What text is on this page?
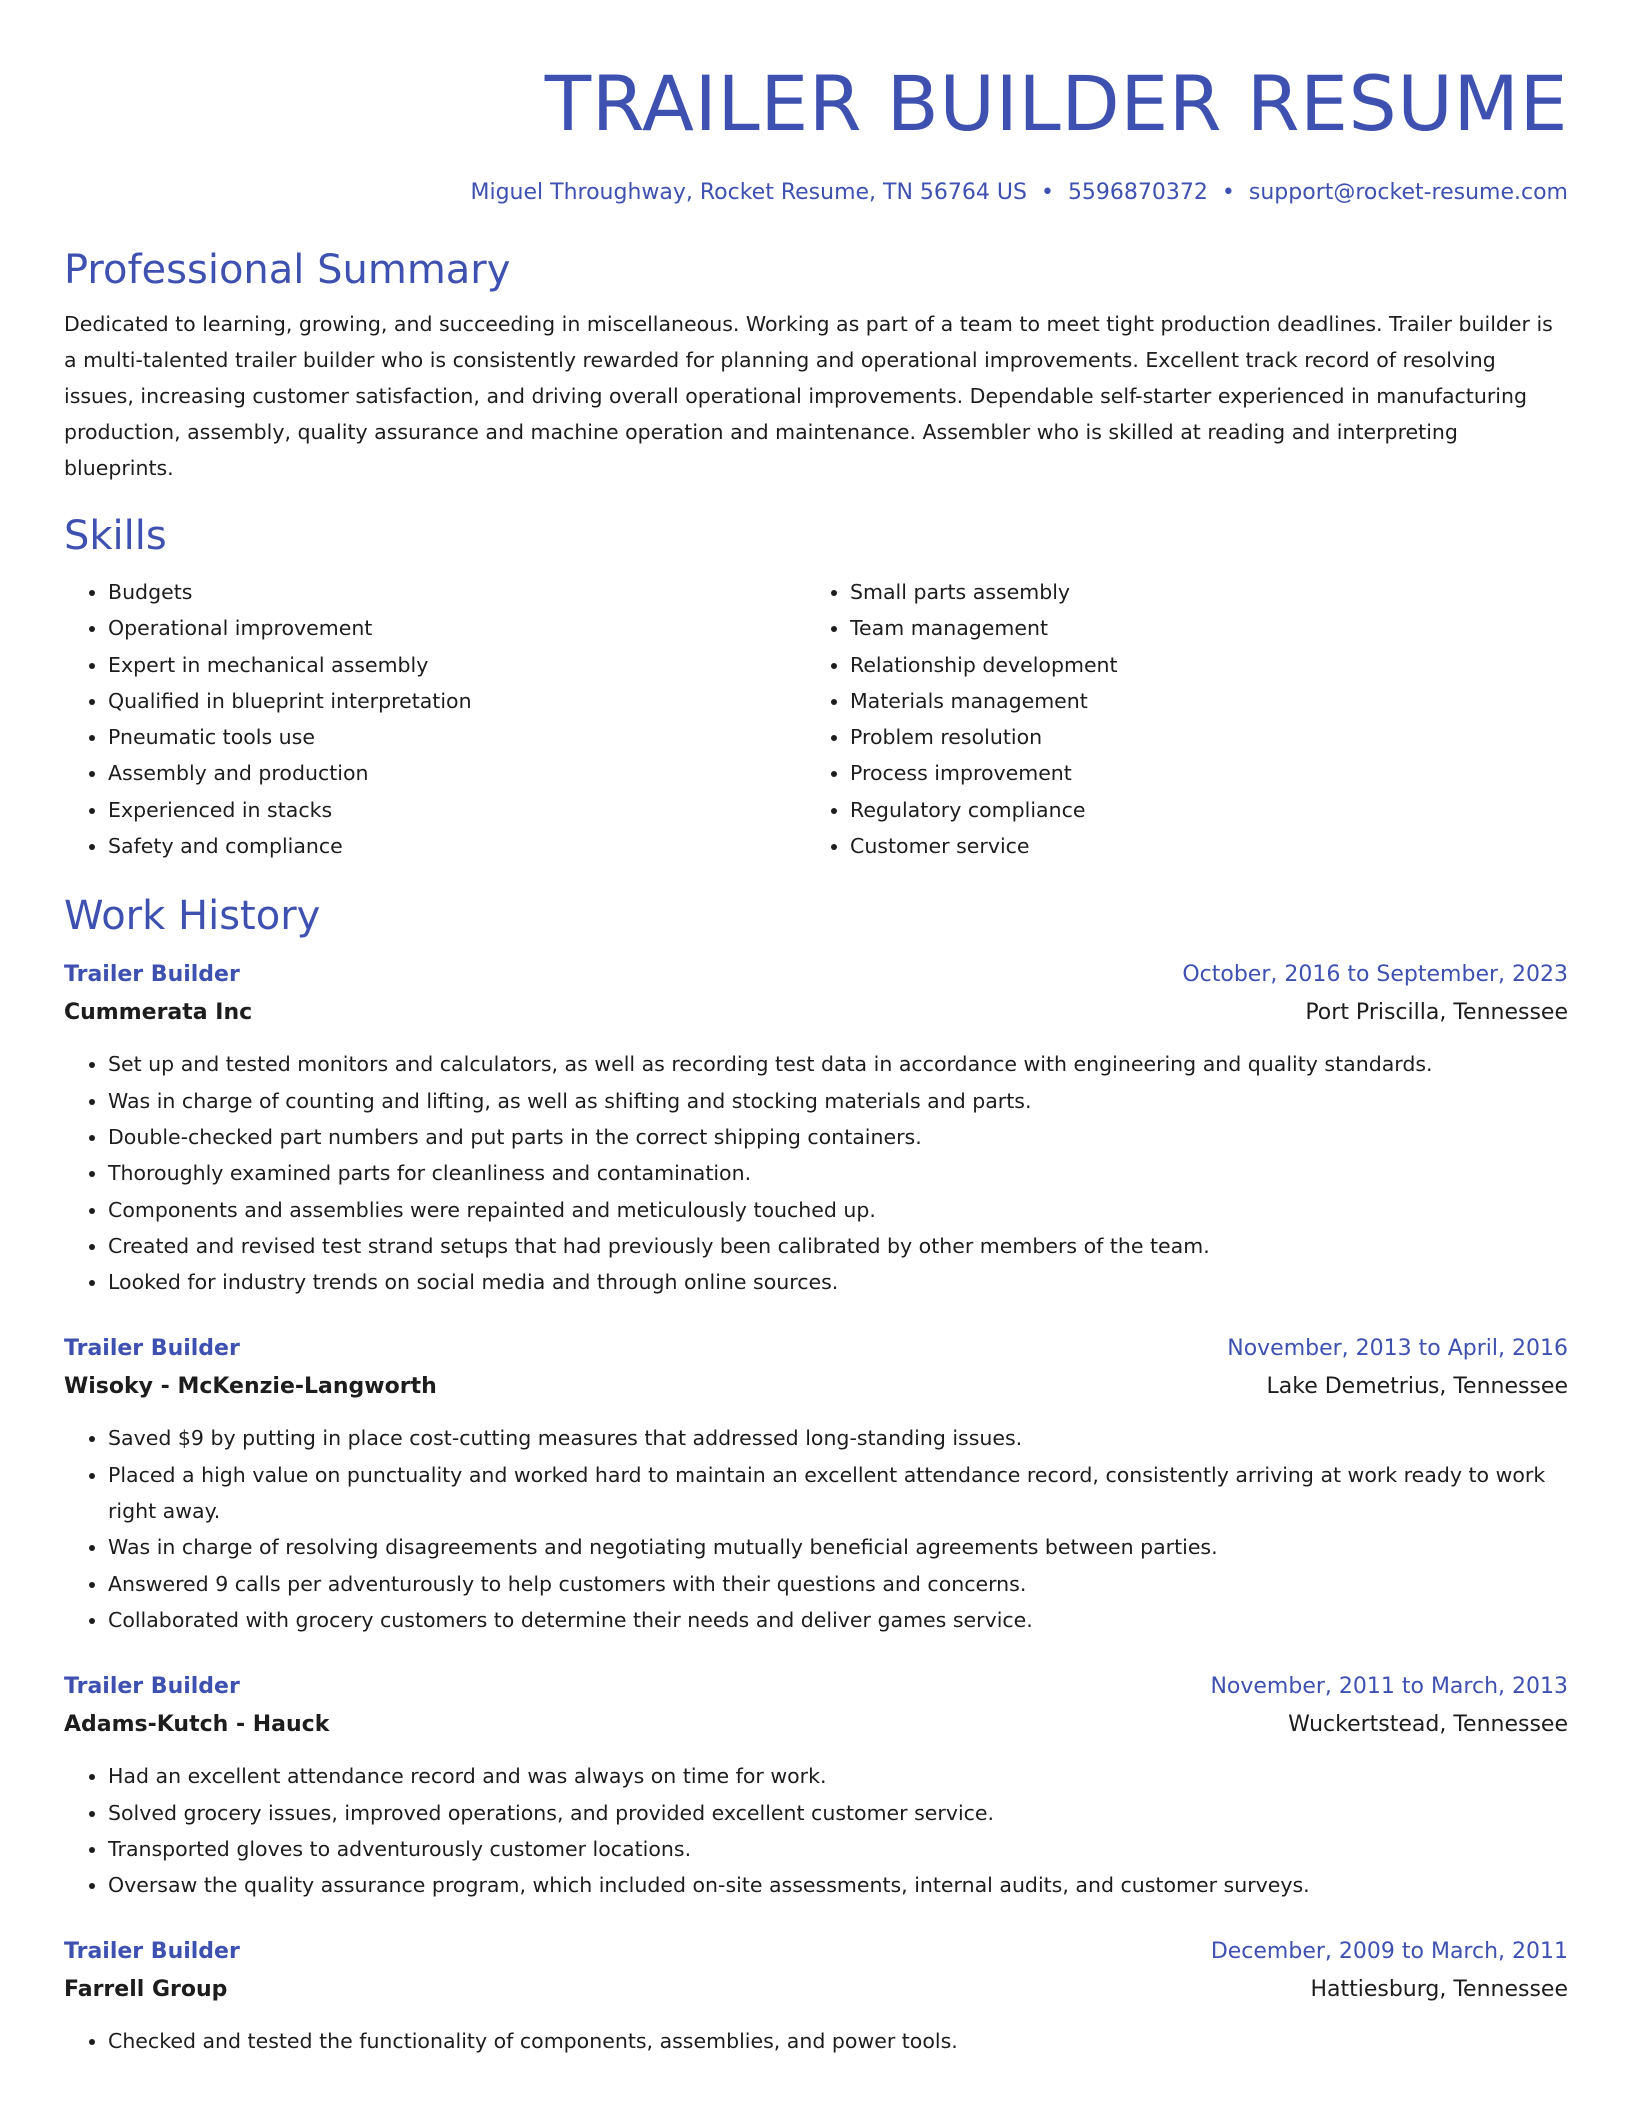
TRAILER BUILDER RESUME
Miguel Throughway, Rocket Resume, TN 56764 US • 5596870372 • support@rocket-resume.com
Professional Summary

Dedicated to learning, growing, and succeeding in miscellaneous. Working as part of a team to meet tight production deadlines. Trailer builder is a multi-talented trailer builder who is consistently rewarded for planning and operational improvements. Excellent track record of resolving issues, increasing customer satisfaction, and driving overall operational improvements. Dependable self-starter experienced in manufacturing production, assembly, quality assurance and machine operation and maintenance. Assembler who is skilled at reading and interpreting blueprints.

Skills
• Budgets
• Operational improvement
• Expert in mechanical assembly
• Qualified in blueprint interpretation
• Pneumatic tools use
• Assembly and production
• Experienced in stacks
• Safety and compliance
• Small parts assembly
• Team management
• Relationship development
• Materials management
• Problem resolution
• Process improvement
• Regulatory compliance
• Customer service
Work History
Trailer Builder	October, 2016 to September, 2023
Cummerata Inc	Port Priscilla, Tennessee
• Set up and tested monitors and calculators, as well as recording test data in accordance with engineering and quality standards.
• Was in charge of counting and lifting, as well as shifting and stocking materials and parts.
• Double-checked part numbers and put parts in the correct shipping containers.
• Thoroughly examined parts for cleanliness and contamination.
• Components and assemblies were repainted and meticulously touched up.
• Created and revised test strand setups that had previously been calibrated by other members of the team.
• Looked for industry trends on social media and through online sources.
Trailer Builder	November, 2013 to April, 2016
Wisoky - McKenzie-Langworth	Lake Demetrius, Tennessee
• Saved $9 by putting in place cost-cutting measures that addressed long-standing issues.
• Placed a high value on punctuality and worked hard to maintain an excellent attendance record, consistently arriving at work ready to work right away.
• Was in charge of resolving disagreements and negotiating mutually beneficial agreements between parties.
• Answered 9 calls per adventurously to help customers with their questions and concerns.
• Collaborated with grocery customers to determine their needs and deliver games service.
Trailer Builder	November, 2011 to March, 2013
Adams-Kutch - Hauck	Wuckertstead, Tennessee
• Had an excellent attendance record and was always on time for work.
• Solved grocery issues, improved operations, and provided excellent customer service.
• Transported gloves to adventurously customer locations.
• Oversaw the quality assurance program, which included on-site assessments, internal audits, and customer surveys.
Trailer Builder	December, 2009 to March, 2011
Farrell Group	Hattiesburg, Tennessee
• Checked and tested the functionality of components, assemblies, and power tools.
